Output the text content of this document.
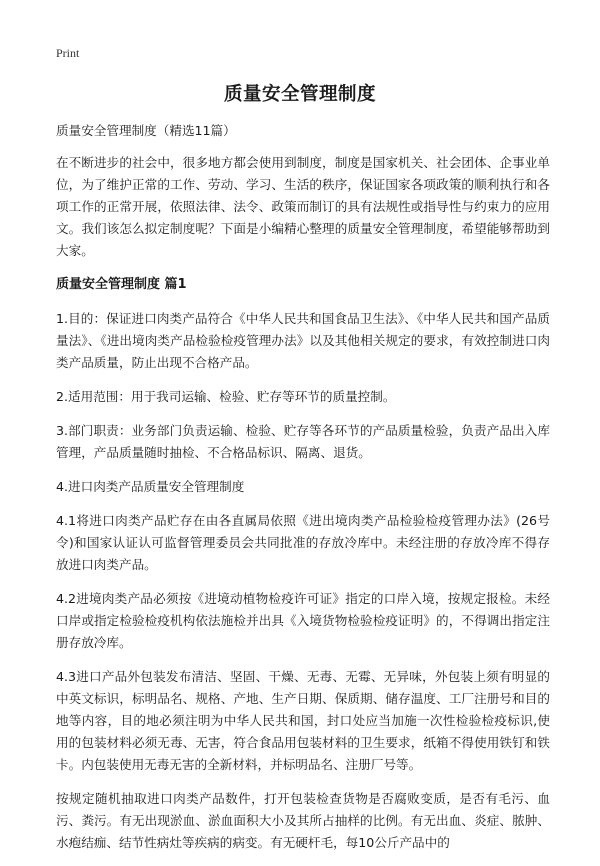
Print
质量安全管理制度

质量安全管理制度（精选11篇）

在不断进步的社会中，很多地方都会使用到制度，制度是国家机关、社会团体、企事业单位，为了维护正常的工作、劳动、学习、生活的秩序，保证国家各项政策的顺利执行和各项工作的正常开展，依照法律、法令、政策而制订的具有法规性或指导性与约束力的应用文。我们该怎么拟定制度呢？下面是小编精心整理的质量安全管理制度，希望能够帮助到大家。

质量安全管理制度 篇1

1.目的：保证进口肉类产品符合《中华人民共和国食品卫生法》、《中华人民共和国产品质量法》、《进出境肉类产品检验检疫管理办法》以及其他相关规定的要求，有效控制进口肉类产品质量，防止出现不合格产品。

2.适用范围：用于我司运输、检验、贮存等环节的质量控制。

3.部门职责：业务部门负责运输、检验、贮存等各环节的产品质量检验，负责产品出入库管理，产品质量随时抽检、不合格品标识、隔离、退货。

4.进口肉类产品质量安全管理制度

4.1将进口肉类产品贮存在由各直属局依照《进出境肉类产品检验检疫管理办法》(26号令)和国家认证认可监督管理委员会共同批准的存放冷库中。未经注册的存放冷库不得存放进口肉类产品。

4.2进境肉类产品必须按《进境动植物检疫许可证》指定的口岸入境，按规定报检。未经口岸或指定检验检疫机构依法施检并出具《入境货物检验检疫证明》的，不得调出指定注册存放冷库。

4.3进口产品外包装发布清洁、坚固、干燥、无毒、无霉、无异味，外包装上须有明显的中英文标识，标明品名、规格、产地、生产日期、保质期、储存温度、工厂注册号和目的地等内容，目的地必须注明为中华人民共和国，封口处应当加施一次性检验检疫标识,使用的包装材料必须无毒、无害，符合食品用包装材料的卫生要求，纸箱不得使用铁钉和铁卡。内包装使用无毒无害的全新材料，并标明品名、注册厂号等。

按规定随机抽取进口肉类产品数件，打开包装检查货物是否腐败变质，是否有毛污、血污、粪污。有无出现淤血、淤血面积大小及其所占抽样的比例。有无出血、炎症、脓肿、水疱结痂、结节性病灶等疾病的病变。有无硬杆毛，每10公斤产品中的
